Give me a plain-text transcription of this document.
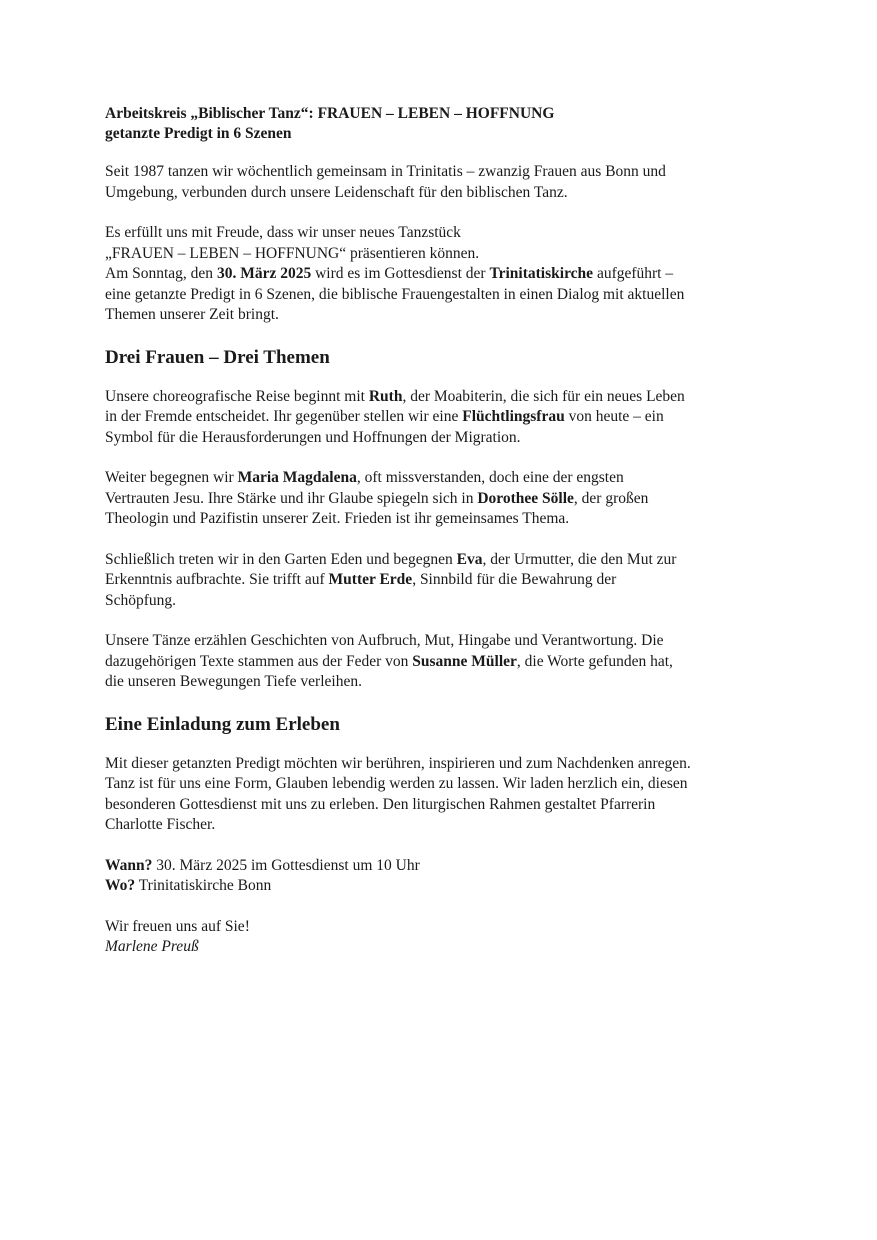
Arbeitskreis „Biblischer Tanz“: FRAUEN – LEBEN – HOFFNUNG
getanzte Predigt in 6 Szenen

Seit 1987 tanzen wir wöchentlich gemeinsam in Trinitatis – zwanzig Frauen aus Bonn und
Umgebung, verbunden durch unsere Leidenschaft für den biblischen Tanz.

Es erfüllt uns mit Freude, dass wir unser neues Tanzstück
„FRAUEN – LEBEN – HOFFNUNG“ präsentieren können.
Am Sonntag, den 30. März 2025 wird es im Gottesdienst der Trinitatiskirche aufgeführt –
eine getanzte Predigt in 6 Szenen, die biblische Frauengestalten in einen Dialog mit aktuellen
Themen unserer Zeit bringt.

Drei Frauen – Drei Themen

Unsere choreografische Reise beginnt mit Ruth, der Moabiterin, die sich für ein neues Leben
in der Fremde entscheidet. Ihr gegenüber stellen wir eine Flüchtlingsfrau von heute – ein
Symbol für die Herausforderungen und Hoffnungen der Migration.

Weiter begegnen wir Maria Magdalena, oft missverstanden, doch eine der engsten
Vertrauten Jesu. Ihre Stärke und ihr Glaube spiegeln sich in Dorothee Sölle, der großen
Theologin und Pazifistin unserer Zeit. Frieden ist ihr gemeinsames Thema.

Schließlich treten wir in den Garten Eden und begegnen Eva, der Urmutter, die den Mut zur
Erkenntnis aufbrachte. Sie trifft auf Mutter Erde, Sinnbild für die Bewahrung der
Schöpfung.

Unsere Tänze erzählen Geschichten von Aufbruch, Mut, Hingabe und Verantwortung. Die
dazugehörigen Texte stammen aus der Feder von Susanne Müller, die Worte gefunden hat,
die unseren Bewegungen Tiefe verleihen.

Eine Einladung zum Erleben

Mit dieser getanzten Predigt möchten wir berühren, inspirieren und zum Nachdenken anregen.
Tanz ist für uns eine Form, Glauben lebendig werden zu lassen. Wir laden herzlich ein, diesen
besonderen Gottesdienst mit uns zu erleben. Den liturgischen Rahmen gestaltet Pfarrerin
Charlotte Fischer.

Wann? 30. März 2025 im Gottesdienst um 10 Uhr
Wo? Trinitatiskirche Bonn

Wir freuen uns auf Sie!
Marlene Preuß
